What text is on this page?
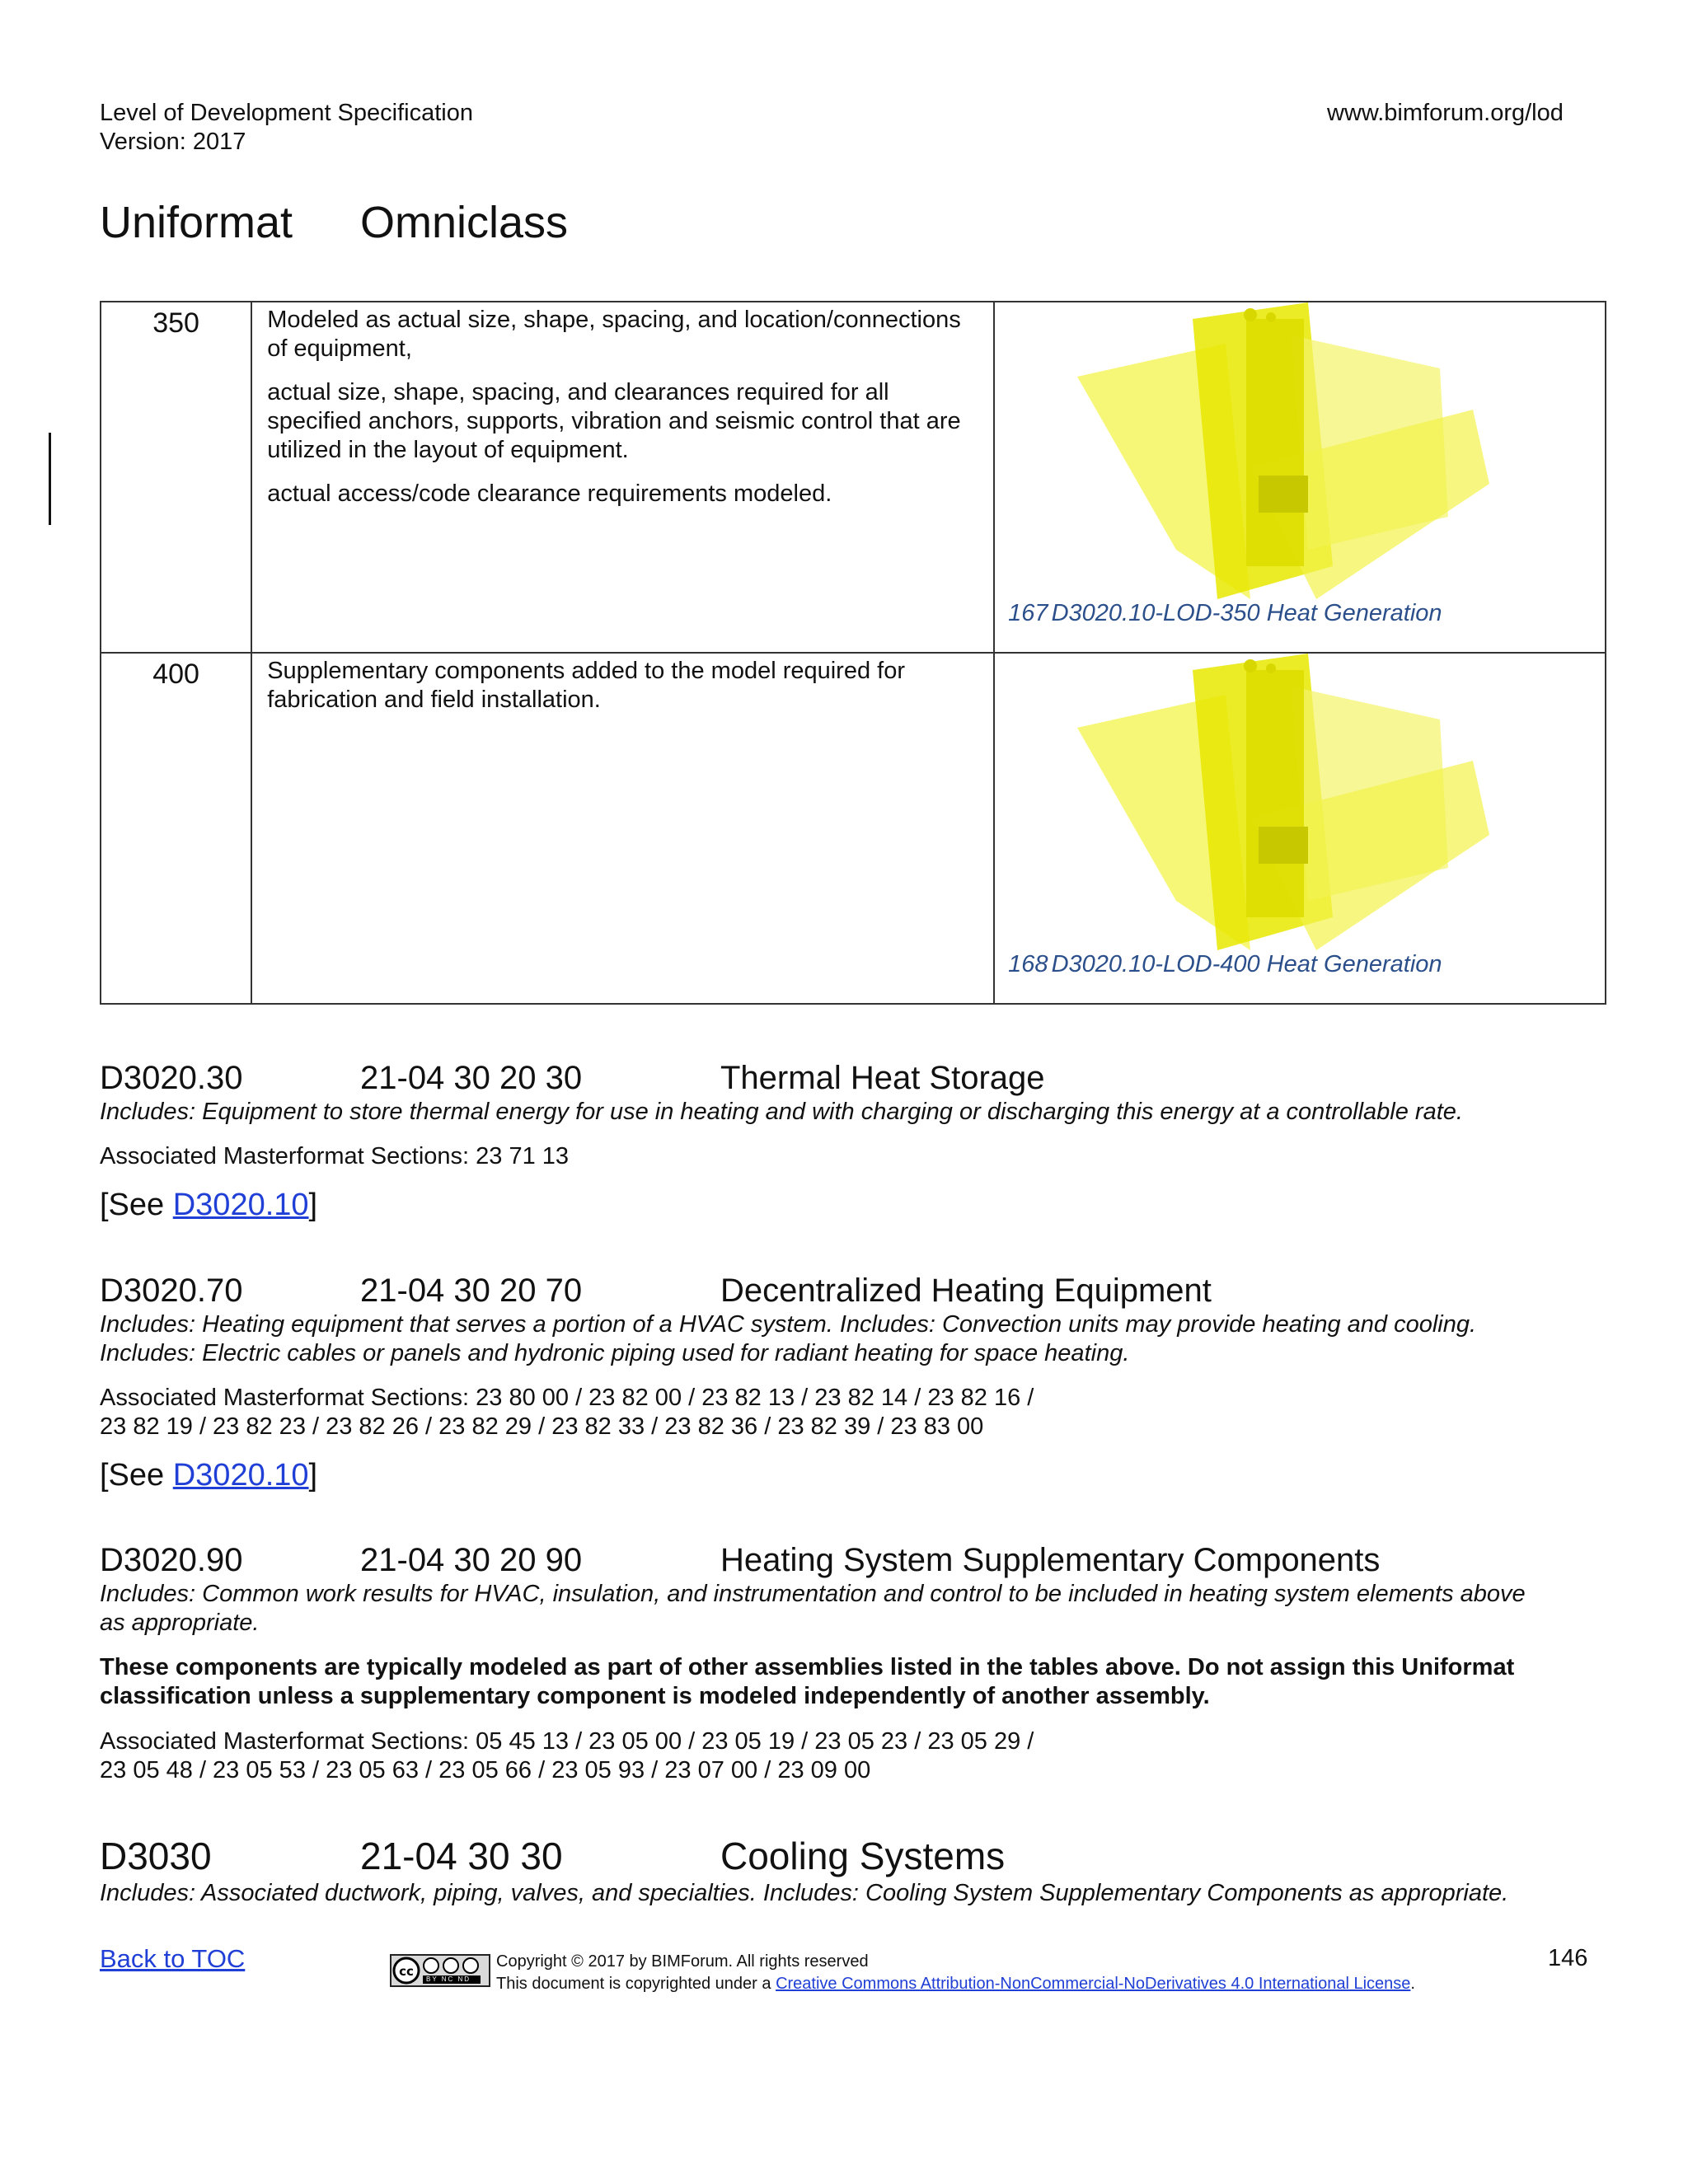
Level of Development Specification
Version: 2017
www.bimforum.org/lod
Uniformat Omniclass
350	Modeled as actual size, shape, spacing, and location/connections of equipment,

actual size, shape, spacing, and clearances required for all specified anchors, supports, vibration and seismic control that are utilized in the layout of equipment.

actual access/code clearance requirements modeled.	167 D3020.10-LOD-350 Heat Generation

400	Supplementary components added to the model required for fabrication and field installation.	168 D3020.10-LOD-400 Heat Generation
D3020.30	21-04 30 20 30	Thermal Heat Storage
Includes: Equipment to store thermal energy for use in heating and with charging or discharging this energy at a controllable rate.
Associated Masterformat Sections: 23 71 13
[See D3020.10]
D3020.70	21-04 30 20 70	Decentralized Heating Equipment
Includes: Heating equipment that serves a portion of a HVAC system. Includes: Convection units may provide heating and cooling.
Includes: Electric cables or panels and hydronic piping used for radiant heating for space heating.
Associated Masterformat Sections: 23 80 00 / 23 82 00 / 23 82 13 / 23 82 14 / 23 82 16 /
23 82 19 / 23 82 23 / 23 82 26 / 23 82 29 / 23 82 33 / 23 82 36 / 23 82 39 / 23 83 00
[See D3020.10]
D3020.90	21-04 30 20 90	Heating System Supplementary Components
Includes: Common work results for HVAC, insulation, and instrumentation and control to be included in heating system elements above
as appropriate.
These components are typically modeled as part of other assemblies listed in the tables above. Do not assign this Uniformat
classification unless a supplementary component is modeled independently of another assembly.
Associated Masterformat Sections: 05 45 13 / 23 05 00 / 23 05 19 / 23 05 23 / 23 05 29 /
23 05 48 / 23 05 53 / 23 05 63 / 23 05 66 / 23 05 93 / 23 07 00 / 23 09 00
D3030	21-04 30 30	Cooling Systems
Includes: Associated ductwork, piping, valves, and specialties. Includes: Cooling System Supplementary Components as appropriate.
Back to TOC	cc
BY NC ND
Copyright © 2017 by BIMForum. All rights reserved
This document is copyrighted under a Creative Commons Attribution-NonCommercial-NoDerivatives 4.0 International License.
146
